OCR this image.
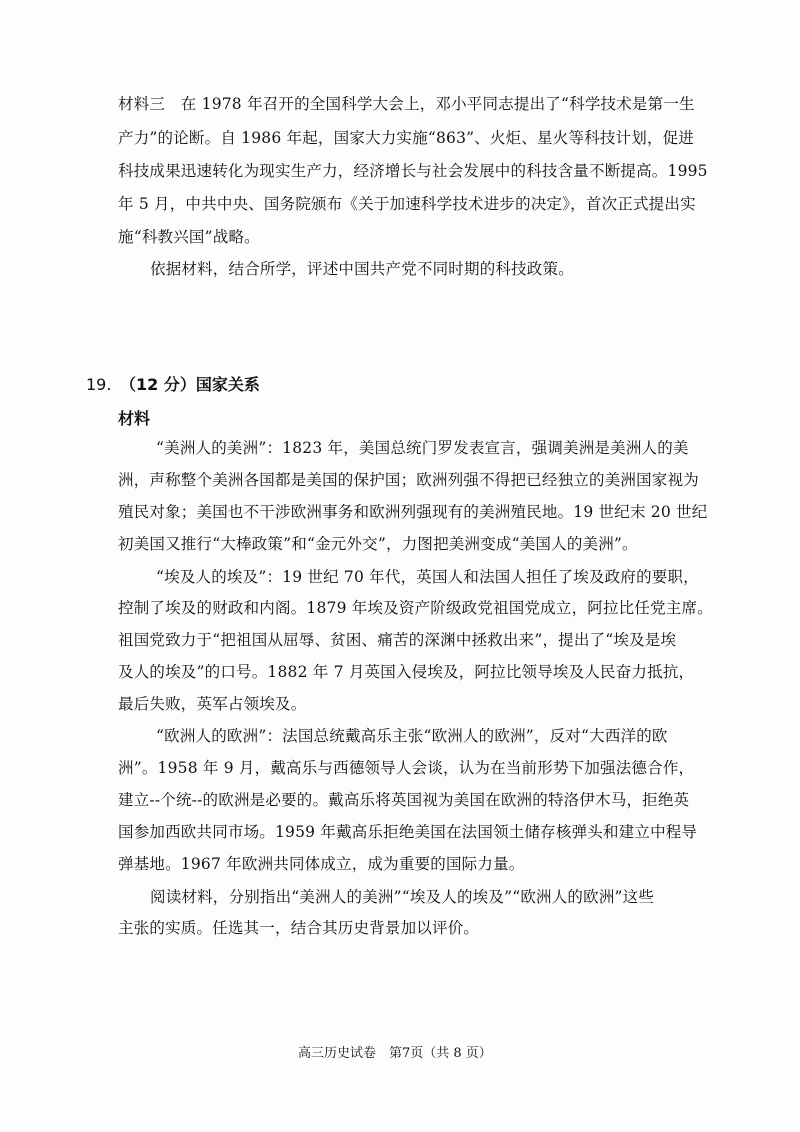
材料三　在 1978 年召开的全国科学大会上，邓小平同志提出了“科学技术是第一生
产力”的论断。自 1986 年起，国家大力实施“863”、火炬、星火等科技计划，促进
科技成果迅速转化为现实生产力，经济增长与社会发展中的科技含量不断提高。1995
年 5 月，中共中央、国务院颁布《关于加速科学技术进步的决定》，首次正式提出实
施“科教兴国”战略。
依据材料，结合所学，评述中国共产党不同时期的科技政策。
19. （12 分）国家关系
材料
“美洲人的美洲”：1823 年，美国总统门罗发表宣言，强调美洲是美洲人的美
洲，声称整个美洲各国都是美国的保护国；欧洲列强不得把已经独立的美洲国家视为
殖民对象；美国也不干涉欧洲事务和欧洲列强现有的美洲殖民地。19 世纪末 20 世纪
初美国又推行“大棒政策”和“金元外交”，力图把美洲变成“美国人的美洲”。
“埃及人的埃及”：19 世纪 70 年代，英国人和法国人担任了埃及政府的要职，
控制了埃及的财政和内阁。1879 年埃及资产阶级政党祖国党成立，阿拉比任党主席。
祖国党致力于“把祖国从屈辱、贫困、痛苦的深渊中拯救出来”，提出了“埃及是埃
及人的埃及”的口号。1882 年 7 月英国入侵埃及，阿拉比领导埃及人民奋力抵抗，
最后失败，英军占领埃及。
“欧洲人的欧洲”：法国总统戴高乐主张“欧洲人的欧洲”，反对“大西洋的欧
洲”。1958 年 9 月，戴高乐与西德领导人会谈，认为在当前形势下加强法德合作，
建立--个统--的欧洲是必要的。戴高乐将英国视为美国在欧洲的特洛伊木马，拒绝英
国参加西欧共同市场。1959 年戴高乐拒绝美国在法国领土储存核弹头和建立中程导
弹基地。1967 年欧洲共同体成立，成为重要的国际力量。
阅读材料，分别指出“美洲人的美洲”“埃及人的埃及”“欧洲人的欧洲”这些
主张的实质。任选其一，结合其历史背景加以评价。
高三历史试卷　第7页（共 8 页）
